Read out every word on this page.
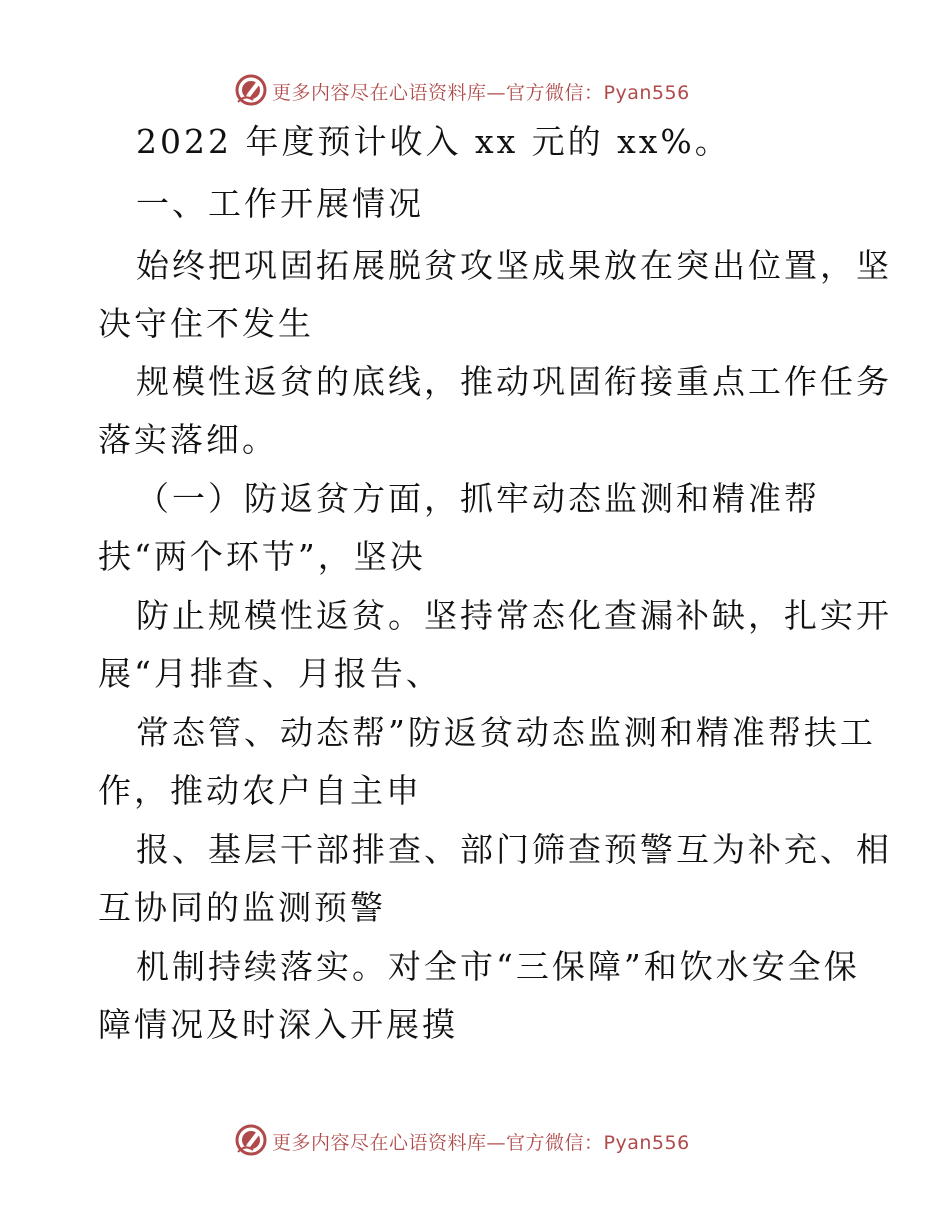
更多内容尽在心语资料库—官方微信：Pyan556
2022 年度预计收入 xx 元的 xx%。
一、工作开展情况
始终把巩固拓展脱贫攻坚成果放在突出位置，坚
决守住不发生
规模性返贫的底线，推动巩固衔接重点工作任务
落实落细。
（一）防返贫方面，抓牢动态监测和精准帮
扶“两个环节”，坚决
防止规模性返贫。坚持常态化查漏补缺，扎实开
展“月排查、月报告、
常态管、动态帮”防返贫动态监测和精准帮扶工
作，推动农户自主申
报、基层干部排查、部门筛查预警互为补充、相
互协同的监测预警
机制持续落实。对全市“三保障”和饮水安全保
障情况及时深入开展摸
更多内容尽在心语资料库—官方微信：Pyan556
